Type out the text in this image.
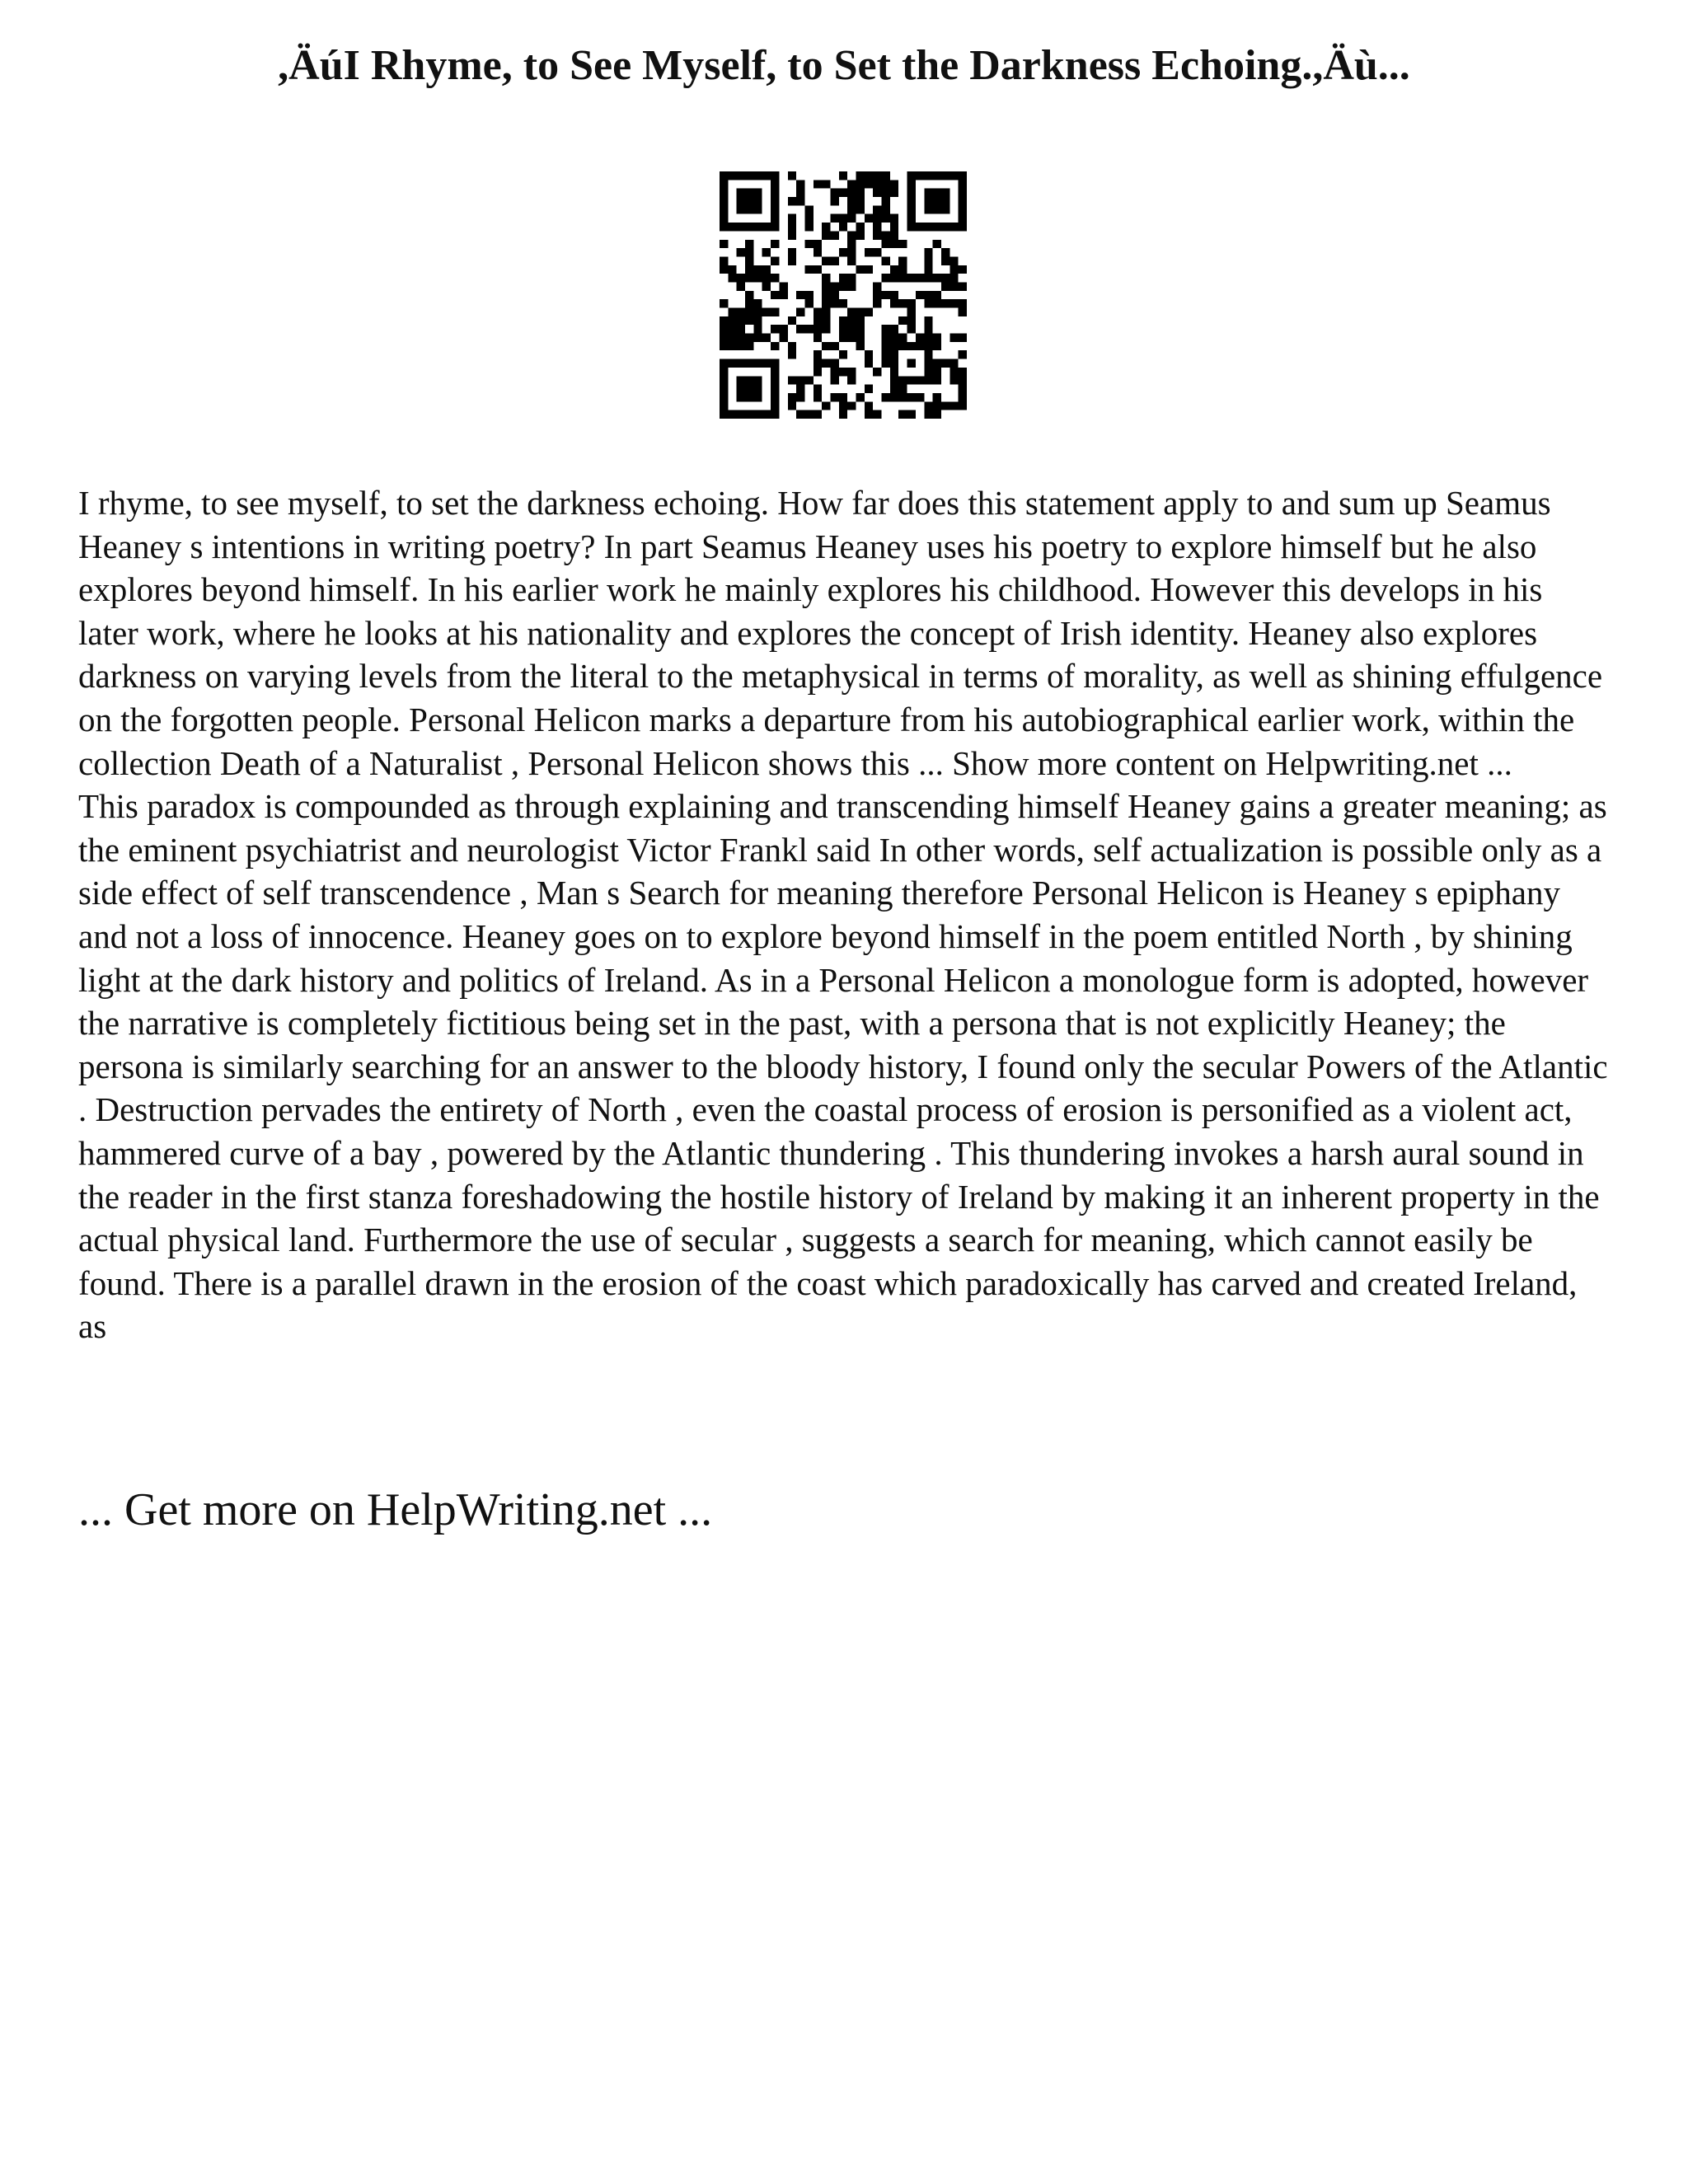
,ÄúI Rhyme, to See Myself, to Set the Darkness Echoing.,Äù...

I rhyme, to see myself, to set the darkness echoing. How far does this statement apply to and sum up Seamus Heaney s intentions in writing poetry? In part Seamus Heaney uses his poetry to explore himself but he also explores beyond himself. In his earlier work he mainly explores his childhood. However this develops in his later work, where he looks at his nationality and explores the concept of Irish identity. Heaney also explores darkness on varying levels from the literal to the metaphysical in terms of morality, as well as shining effulgence on the forgotten people. Personal Helicon marks a departure from his autobiographical earlier work, within the collection Death of a Naturalist , Personal Helicon shows this ... Show more content on Helpwriting.net ...

This paradox is compounded as through explaining and transcending himself Heaney gains a greater meaning; as the eminent psychiatrist and neurologist Victor Frankl said In other words, self actualization is possible only as a side effect of self transcendence , Man s Search for meaning therefore Personal Helicon is Heaney s epiphany and not a loss of innocence. Heaney goes on to explore beyond himself in the poem entitled North , by shining light at the dark history and politics of Ireland. As in a Personal Helicon a monologue form is adopted, however the narrative is completely fictitious being set in the past, with a persona that is not explicitly Heaney; the persona is similarly searching for an answer to the bloody history, I found only the secular Powers of the Atlantic . Destruction pervades the entirety of North , even the coastal process of erosion is personified as a violent act, hammered curve of a bay , powered by the Atlantic thundering . This thundering invokes a harsh aural sound in the reader in the first stanza foreshadowing the hostile history of Ireland by making it an inherent property in the actual physical land. Furthermore the use of secular , suggests a search for meaning, which cannot easily be found. There is a parallel drawn in the erosion of the coast which paradoxically has carved and created Ireland, as

... Get more on HelpWriting.net ...
